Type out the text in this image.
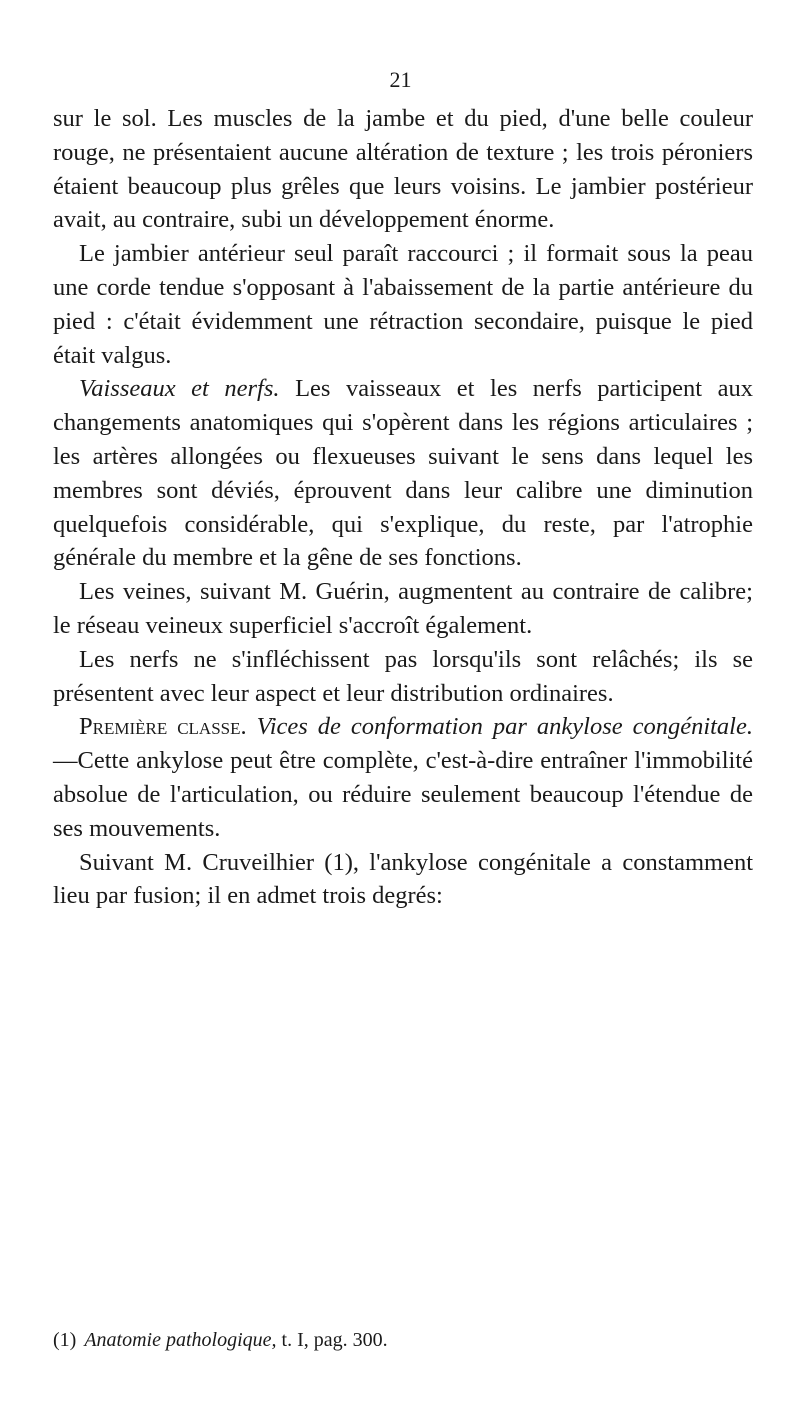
21

sur le sol. Les muscles de la jambe et du pied, d'une belle couleur rouge, ne présentaient aucune altération de texture ; les trois péroniers étaient beaucoup plus grêles que leurs voisins. Le jambier postérieur avait, au contraire, subi un développement énorme.

Le jambier antérieur seul paraît raccourci ; il formait sous la peau une corde tendue s'opposant à l'abaissement de la partie antérieure du pied : c'était évidemment une rétraction secondaire, puisque le pied était valgus.

Vaisseaux et nerfs. Les vaisseaux et les nerfs participent aux changements anatomiques qui s'opèrent dans les régions articulaires ; les artères allongées ou flexueuses suivant le sens dans lequel les membres sont déviés, éprouvent dans leur calibre une diminution quelquefois considérable, qui s'explique, du reste, par l'atrophie générale du membre et la gêne de ses fonctions.

Les veines, suivant M. Guérin, augmentent au contraire de calibre; le réseau veineux superficiel s'accroît également.

Les nerfs ne s'infléchissent pas lorsqu'ils sont relâchés; ils se présentent avec leur aspect et leur distribution ordinaires.

Première classe. Vices de conformation par ankylose congénitale. —Cette ankylose peut être complète, c'est-à-dire entraîner l'immobilité absolue de l'articulation, ou réduire seulement beaucoup l'étendue de ses mouvements.

Suivant M. Cruveilhier (1), l'ankylose congénitale a constamment lieu par fusion; il en admet trois degrés:

(1) Anatomie pathologique, t. I, pag. 300.
